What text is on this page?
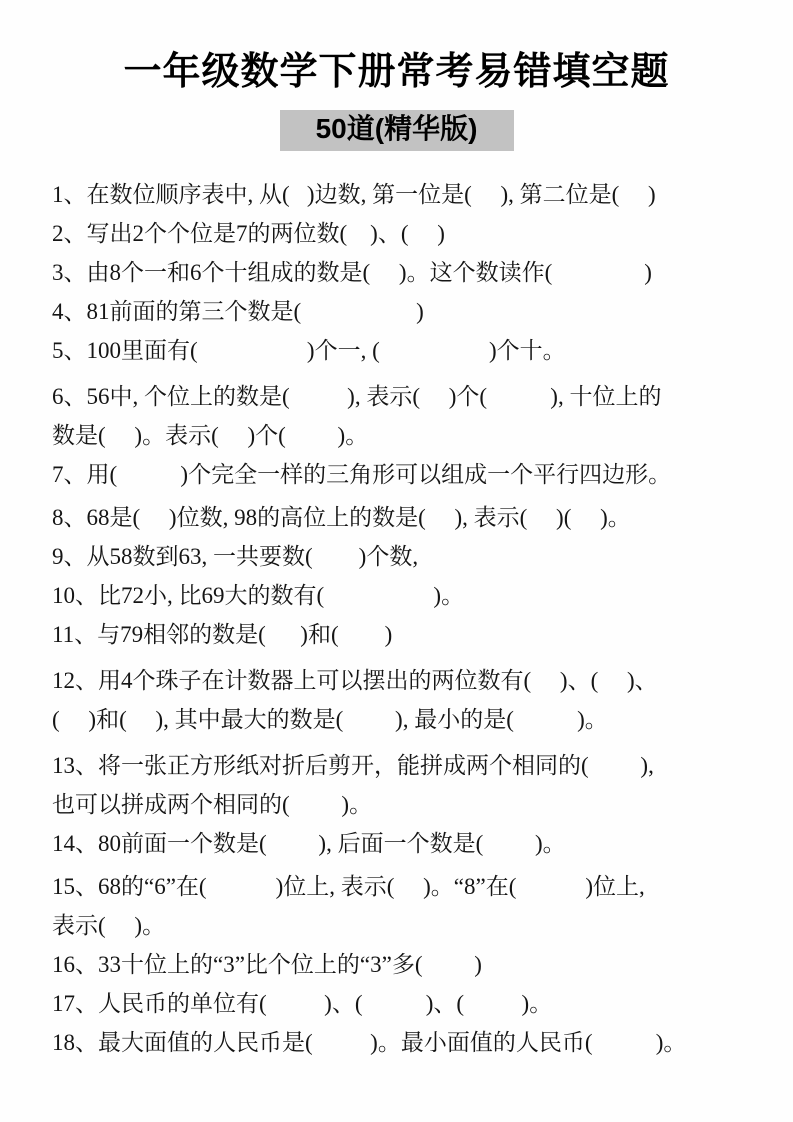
一年级数学下册常考易错填空题
50道(精华版)
1、在数位顺序表中, 从(   )边数, 第一位是(     ), 第二位是(     )
2、写出2个个位是7的两位数(    )、(     )
3、由8个一和6个十组成的数是(     )。这个数读作(                )
4、81前面的第三个数是(                    )
5、100里面有(                   )个一, (                   )个十。
6、56中, 个位上的数是(          ), 表示(     )个(           ), 十位上的
数是(     )。表示(     )个(         )。
7、用(           )个完全一样的三角形可以组成一个平行四边形。
8、68是(     )位数, 98的高位上的数是(     ), 表示(     )(     )。
9、从58数到63, 一共要数(        )个数,
10、比72小, 比69大的数有(                   )。
11、与79相邻的数是(      )和(        )
12、用4个珠子在计数器上可以摆出的两位数有(     )、(     )、
(     )和(     ), 其中最大的数是(         ), 最小的是(           )。
13、将一张正方形纸对折后剪开，能拼成两个相同的(         ),
也可以拼成两个相同的(         )。
14、80前面一个数是(         ), 后面一个数是(         )。
15、68的“6”在(            )位上, 表示(     )。“8”在(            )位上,
表示(     )。
16、33十位上的“3”比个位上的“3”多(         )
17、人民币的单位有(          )、(           )、(          )。
18、最大面值的人民币是(          )。最小面值的人民币(           )。
